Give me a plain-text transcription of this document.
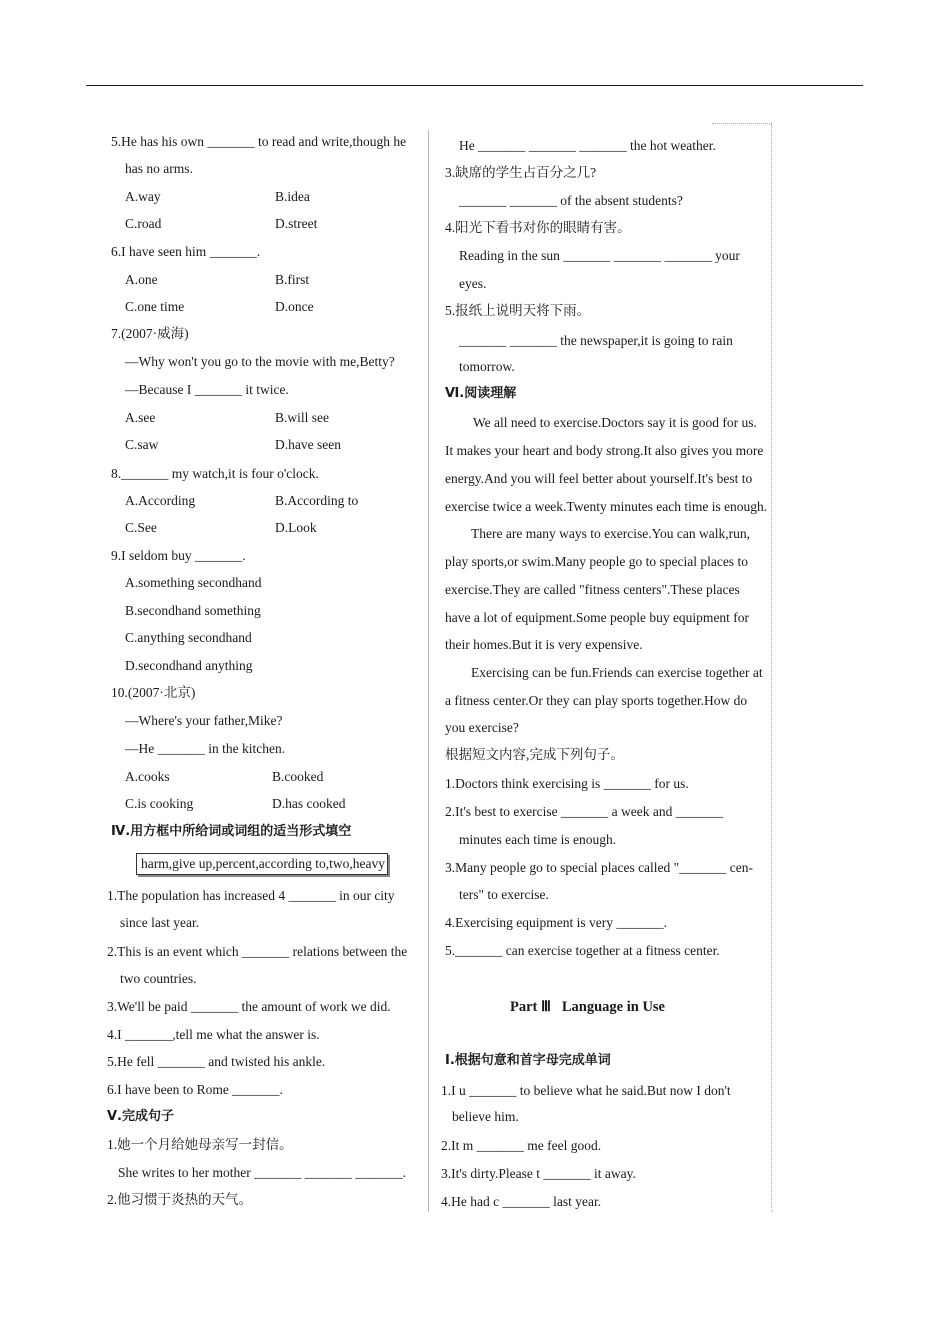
5.He has his own _______ to read and write,though he
has no arms.
A.way	B.idea
C.road	D.street
6.I have seen him _______.
A.one	B.first
C.one time	D.once
7.(2007·威海)
—Why won't you go to the movie with me,Betty?
—Because I _______ it twice.
A.see	B.will see
C.saw	D.have seen
8._______ my watch,it is four o'clock.
A.According	B.According to
C.See	D.Look
9.I seldom buy _______.
A.something secondhand
B.secondhand something
C.anything secondhand
D.secondhand anything
10.(2007·北京)
—Where's your father,Mike?
—He _______ in the kitchen.
A.cooks	B.cooked
C.is cooking	D.has cooked
Ⅳ.用方框中所给词或词组的适当形式填空
harm,give up,percent,according to,two,heavy
1.The population has increased 4 _______ in our city
since last year.
2.This is an event which _______ relations between the
two countries.
3.We'll be paid _______ the amount of work we did.
4.I _______,tell me what the answer is.
5.He fell _______ and twisted his ankle.
6.I have been to Rome _______.
Ⅴ.完成句子
1.她一个月给她母亲写一封信。
She writes to her mother _______ _______ _______.
2.他习惯于炎热的天气。
He _______ _______ _______ the hot weather.
3.缺席的学生占百分之几?
_______ _______ of the absent students?
4.阳光下看书对你的眼睛有害。
Reading in the sun _______ _______ _______ your
eyes.
5.报纸上说明天将下雨。
_______ _______ the newspaper,it is going to rain
tomorrow.
Ⅵ.阅读理解
We all need to exercise.Doctors say it is good for us.
It makes your heart and body strong.It also gives you more
energy.And you will feel better about yourself.It's best to
exercise twice a week.Twenty minutes each time is enough.
There are many ways to exercise.You can walk,run,
play sports,or swim.Many people go to special places to
exercise.They are called "fitness centers".These places
have a lot of equipment.Some people buy equipment for
their homes.But it is very expensive.
Exercising can be fun.Friends can exercise together at
a fitness center.Or they can play sports together.How do
you exercise?
根据短文内容,完成下列句子。
1.Doctors think exercising is _______ for us.
2.It's best to exercise _______ a week and _______
minutes each time is enough.
3.Many people go to special places called "_______ cen-
ters" to exercise.
4.Exercising equipment is very _______.
5._______ can exercise together at a fitness center.
Part Ⅲ   Language in Use
Ⅰ.根据句意和首字母完成单词
1.I u _______ to believe what he said.But now I don't
believe him.
2.It m _______ me feel good.
3.It's dirty.Please t _______ it away.
4.He had c _______ last year.
